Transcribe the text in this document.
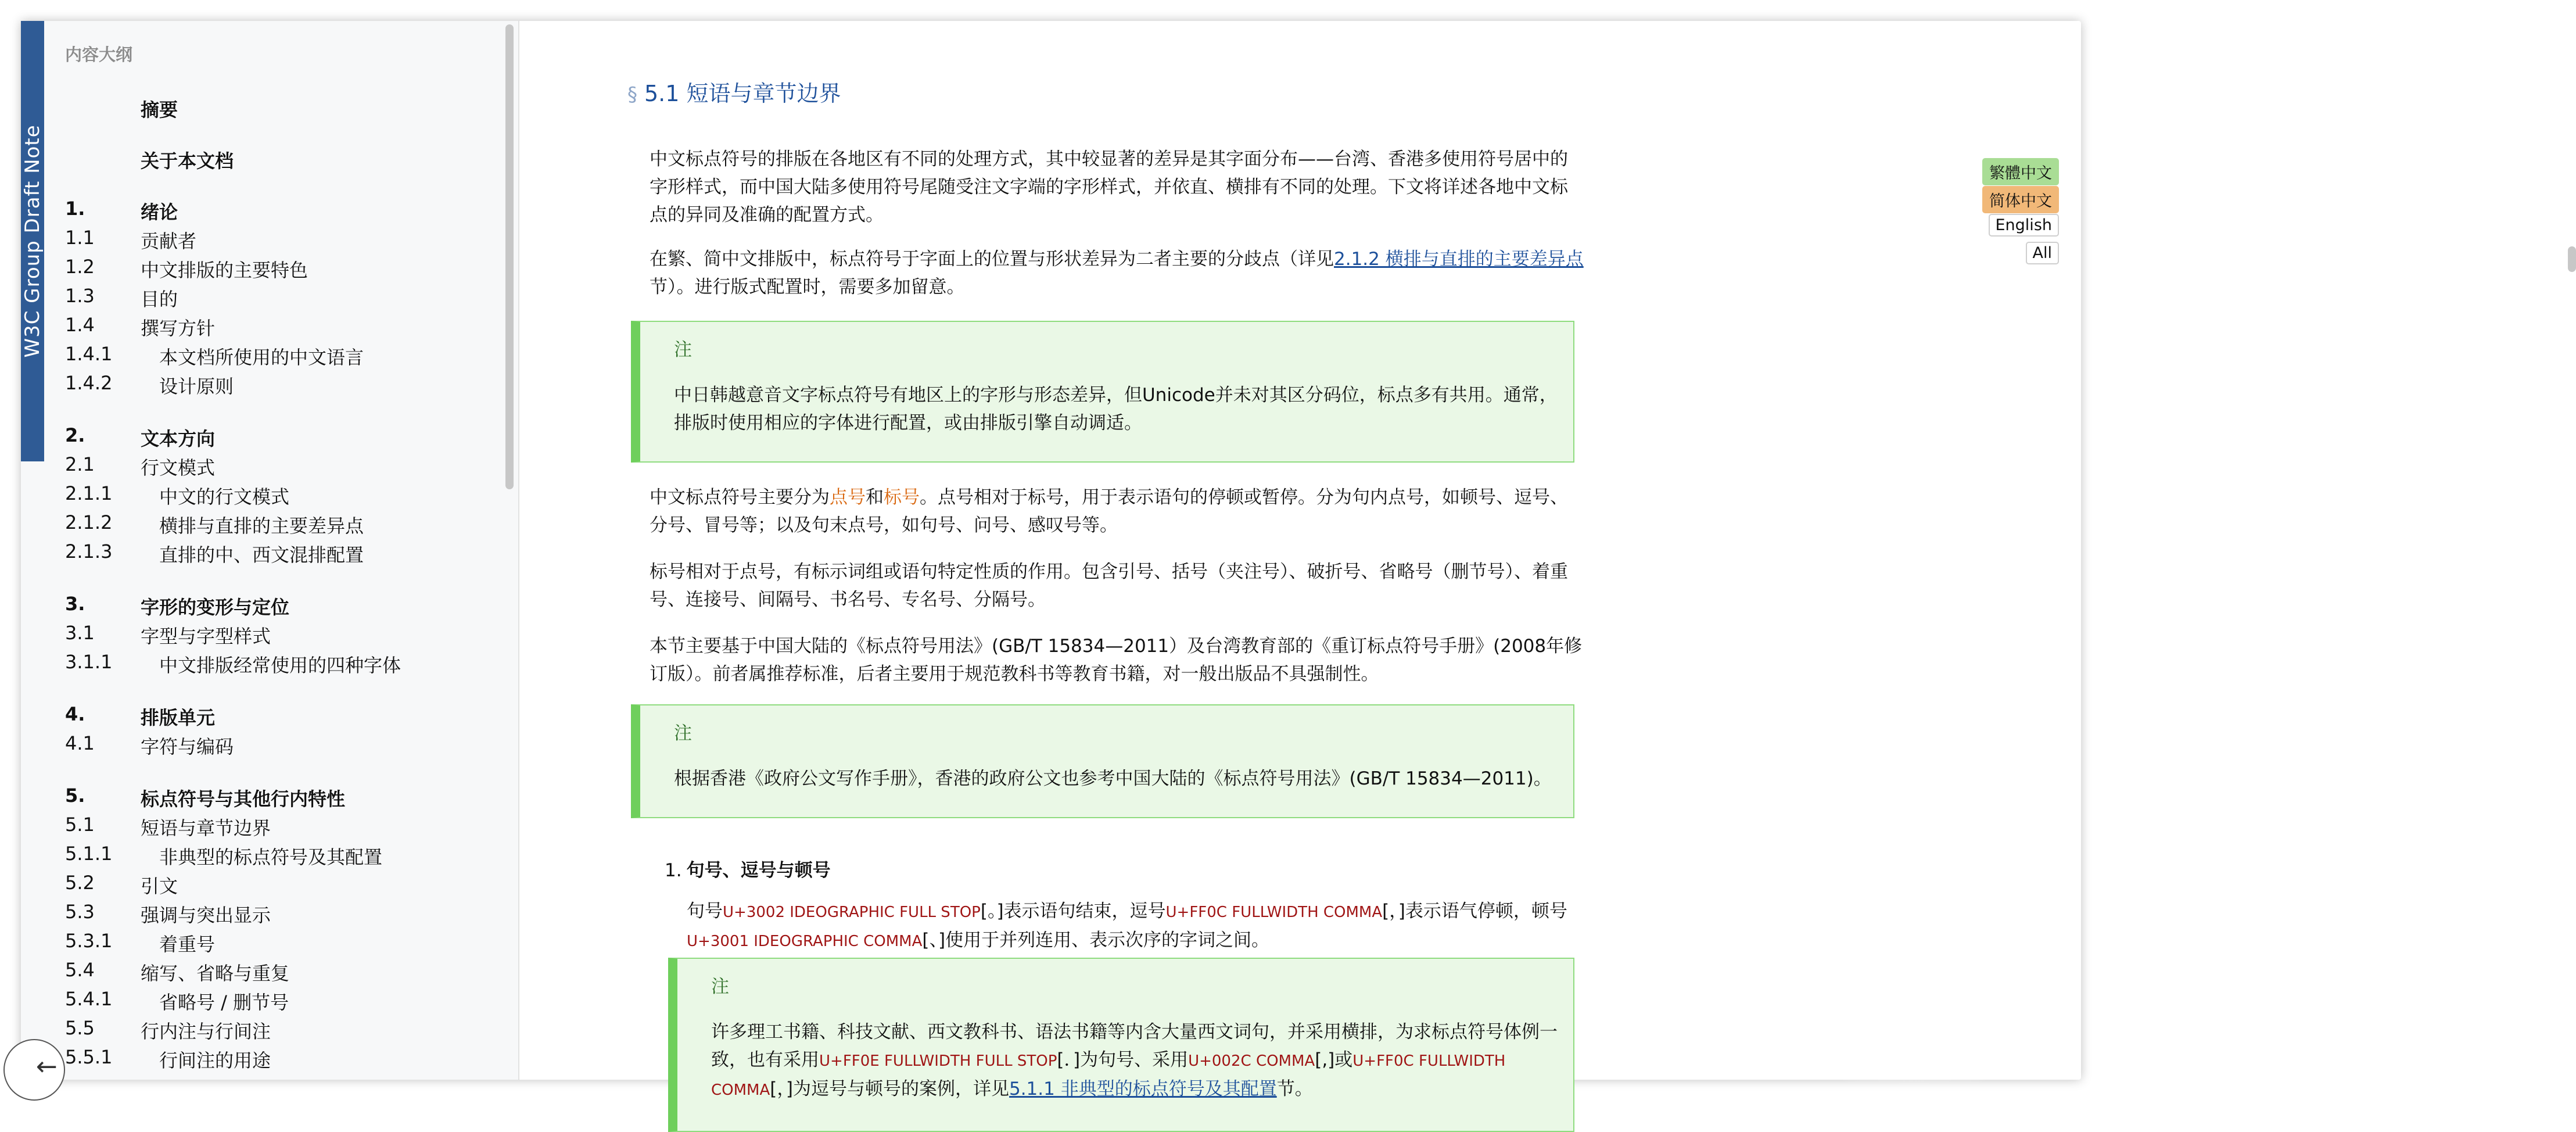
W3C Group Draft Note
内容大纲
摘要
关于本文档
1.	绪论
1.1 贡献者
1.2 中文排版的主要特色
1.3 目的
1.4 撰写方针
1.4.1	本文档所使用的中文语言
1.4.2	设计原则
2.	文本方向
2.1 行文模式
2.1.1	中文的行文模式
2.1.2	横排与直排的主要差异点
2.1.3	直排的中、西文混排配置
3.	字形的变形与定位
3.1 字型与字型样式
3.1.1	中文排版经常使用的四种字体
4.	排版单元
4.1 字符与编码
5.	标点符号与其他行内特性
5.1 短语与章节边界
5.1.1	非典型的标点符号及其配置
5.2 引文
5.3 强调与突出显示
5.3.1	着重号
5.4 缩写、省略与重复
5.4.1	省略号 / 删节号
5.5 行内注与行间注
5.5.1	行间注的用途
←
§ 5.1 短语与章节边界
中文标点符号的排版在各地区有不同的处理方式，其中较显著的差异是其字面分布——台湾、香港多使用符号居中的字形样式，而中国大陆多使用符号尾随受注文字端的字形样式，并依直、横排有不同的处理。下文将详述各地中文标点的异同及准确的配置方式。
在繁、简中文排版中，标点符号于字面上的位置与形状差异为二者主要的分歧点（详见2.1.2 横排与直排的主要差异点节）。进行版式配置时，需要多加留意。
注
中日韩越意音文字标点符号有地区上的字形与形态差异，但Unicode并未对其区分码位，标点多有共用。通常，排版时使用相应的字体进行配置，或由排版引擎自动调适。
中文标点符号主要分为点号和标号。点号相对于标号，用于表示语句的停顿或暂停。分为句内点号，如顿号、逗号、分号、冒号等；以及句末点号，如句号、问号、感叹号等。
标号相对于点号，有标示词组或语句特定性质的作用。包含引号、括号（夹注号）、破折号、省略号（删节号）、着重号、连接号、间隔号、书名号、专名号、分隔号。
本节主要基于中国大陆的《标点符号用法》(GB/T 15834—2011）及台湾教育部的《重订标点符号手册》(2008年修订版）。前者属推荐标准，后者主要用于规范教科书等教育书籍，对一般出版品不具强制性。
注
根据香港《政府公文写作手册》，香港的政府公文也参考中国大陆的《标点符号用法》(GB/T 15834—2011)。
1. 句号、逗号与顿号
句号U+3002 IDEOGRAPHIC FULL STOP[。]表示语句结束，逗号U+FF0C FULLWIDTH COMMA[，]表示语气停顿，顿号U+3001 IDEOGRAPHIC COMMA[、]使用于并列连用、表示次序的字词之间。
注
许多理工书籍、科技文献、西文教科书、语法书籍等内含大量西文词句，并采用横排，为求标点符号体例一致，也有采用U+FF0E FULLWIDTH FULL STOP[．]为句号、采用U+002C COMMA[,]或U+FF0C FULLWIDTH COMMA[，]为逗号与顿号的案例，详见5.1.1 非典型的标点符号及其配置节。
繁體中文
简体中文
English
All
